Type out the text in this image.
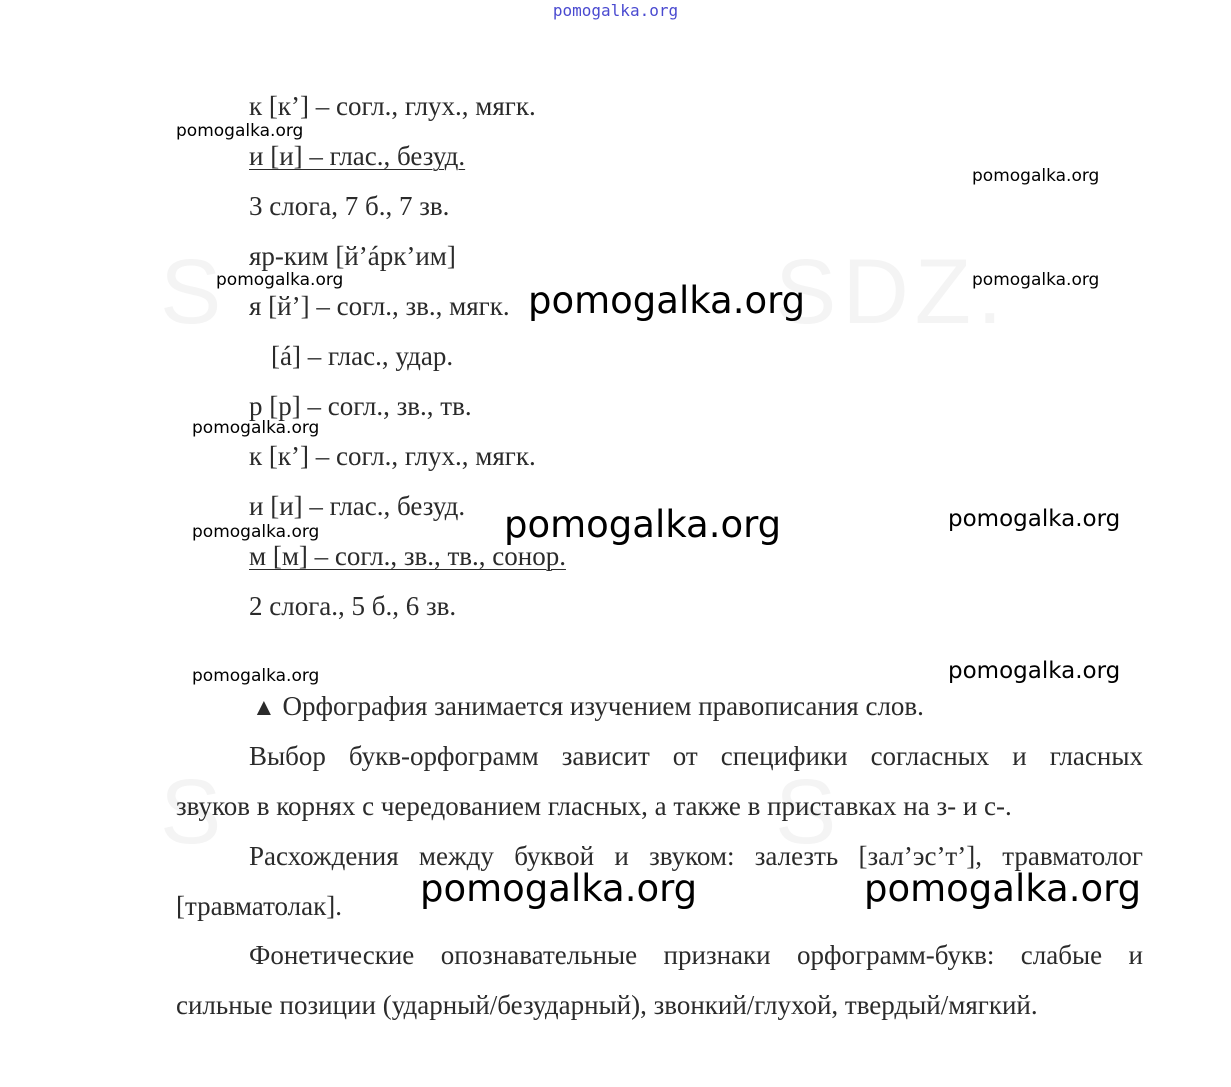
pomogalka.org
S	SDZ.
S	S
к [к’] – согл., глух., мягк.
и [и] – глас., безуд.
3 слога, 7 б., 7 зв.
яр-ким [й’áрк’им]
я [й’] – согл., зв., мягк.
[á] – глас., удар.
р [р] – согл., зв., тв.
к [к’] – согл., глух., мягк.
и [и] – глас., безуд.
м [м] – согл., зв., тв., сонор.
2 слога., 5 б., 6 зв.
▲ Орфография занимается изучением правописания слов.
Выбор букв-орфограмм зависит от специфики согласных и гласных
звуков в корнях с чередованием гласных, а также в приставках на з- и с-.
Расхождения между буквой и звуком: залезть [зал’эс’т’], травматолог
[травматолак].
Фонетические опознавательные признаки орфограмм-букв: слабые и
сильные позиции (ударный/безударный), звонкий/глухой, твердый/мягкий.
pomogalka.org
pomogalka.org
pomogalka.org	pomogalka.org
pomogalka.org
pomogalka.org
pomogalka.org	pomogalka.org
pomogalka.org
pomogalka.org
pomogalka.org
pomogalka.org	pomogalka.org
